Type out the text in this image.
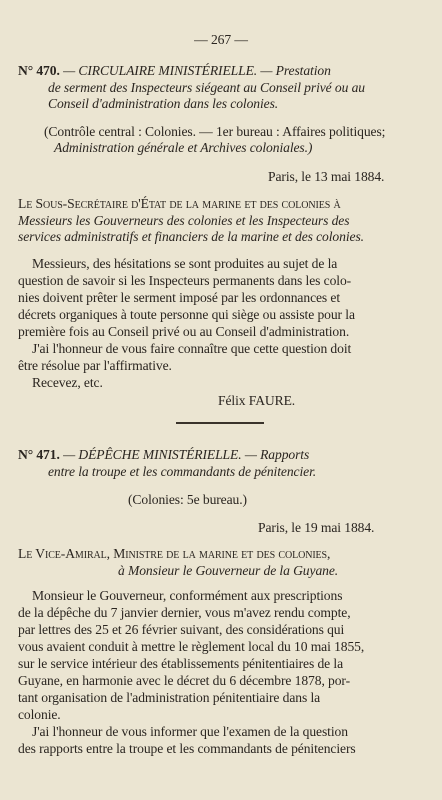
— 267 —
N° 470. — CIRCULAIRE MINISTÉRIELLE. — Prestation
de serment des Inspecteurs siégeant au Conseil privé ou au
Conseil d'administration dans les colonies.
(Contrôle central : Colonies. — 1er bureau : Affaires politiques;
Administration générale et Archives coloniales.)
Paris, le 13 mai 1884.
Le Sous-Secrétaire d'État de la marine et des colonies à
Messieurs les Gouverneurs des colonies et les Inspecteurs des
services administratifs et financiers de la marine et des colonies.
Messieurs, des hésitations se sont produites au sujet de la
question de savoir si les Inspecteurs permanents dans les colo-
nies doivent prêter le serment imposé par les ordonnances et
décrets organiques à toute personne qui siège ou assiste pour la
première fois au Conseil privé ou au Conseil d'administration.
J'ai l'honneur de vous faire connaître que cette question doit
être résolue par l'affirmative.
Recevez, etc.
Félix FAURE.
N° 471. — DÉPÊCHE MINISTÉRIELLE. — Rapports
entre la troupe et les commandants de pénitencier.
(Colonies: 5e bureau.)
Paris, le 19 mai 1884.
Le Vice-Amiral, Ministre de la marine et des colonies,
à Monsieur le Gouverneur de la Guyane.
Monsieur le Gouverneur, conformément aux prescriptions
de la dépêche du 7 janvier dernier, vous m'avez rendu compte,
par lettres des 25 et 26 février suivant, des considérations qui
vous avaient conduit à mettre le règlement local du 10 mai 1855,
sur le service intérieur des établissements pénitentiaires de la
Guyane, en harmonie avec le décret du 6 décembre 1878, por-
tant organisation de l'administration pénitentiaire dans la
colonie.
J'ai l'honneur de vous informer que l'examen de la question
des rapports entre la troupe et les commandants de pénitenciers
